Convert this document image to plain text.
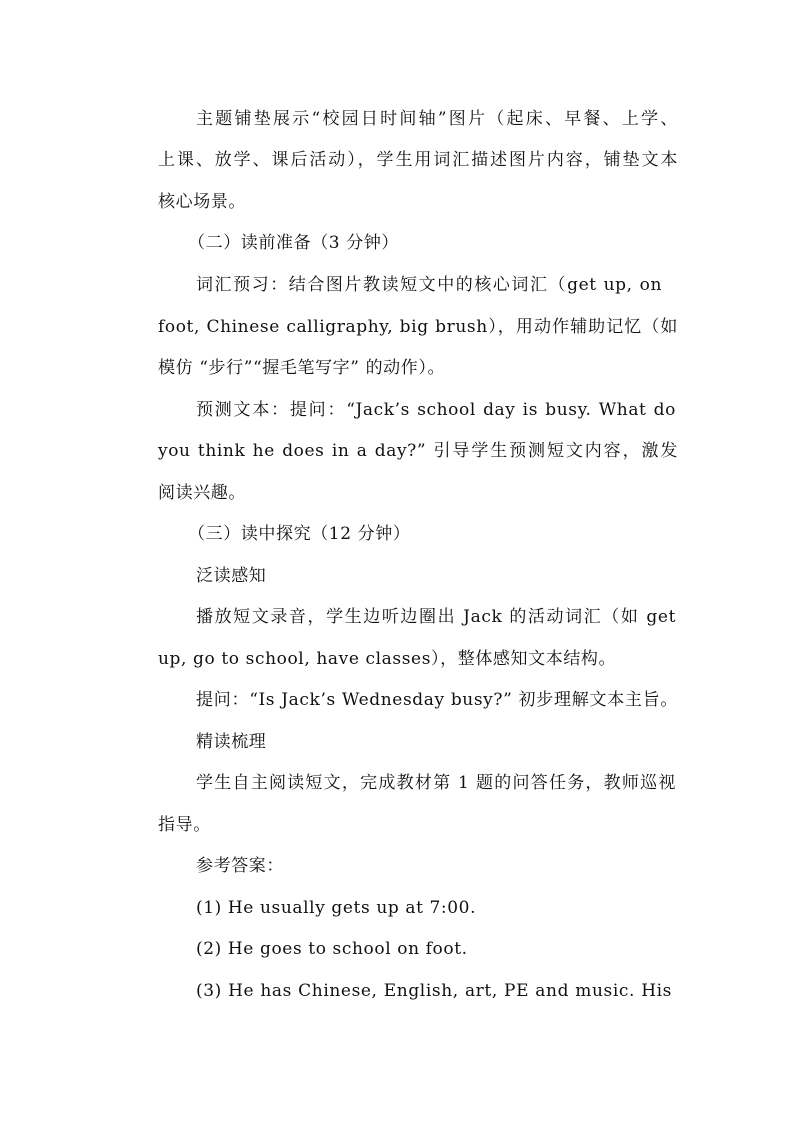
主题铺垫展示“校园日时间轴”图片（起床、早餐、上学、
上课、放学、课后活动），学生用词汇描述图片内容，铺垫文本
核心场景。
（二）读前准备（3 分钟）
词汇预习：结合图片教读短文中的核心词汇（get up, on
foot, Chinese calligraphy, big brush），用动作辅助记忆（如
模仿 “步行”“握毛笔写字” 的动作）。
预测文本：提问：“Jack’s school day is busy. What do
you think he does in a day?” 引导学生预测短文内容，激发
阅读兴趣。
（三）读中探究（12 分钟）
泛读感知
播放短文录音，学生边听边圈出 Jack 的活动词汇（如 get
up, go to school, have classes），整体感知文本结构。
提问：“Is Jack’s Wednesday busy?” 初步理解文本主旨。
精读梳理
学生自主阅读短文，完成教材第 1 题的问答任务，教师巡视
指导。
参考答案：
(1) He usually gets up at 7:00.
(2) He goes to school on foot.
(3) He has Chinese, English, art, PE and music. His
